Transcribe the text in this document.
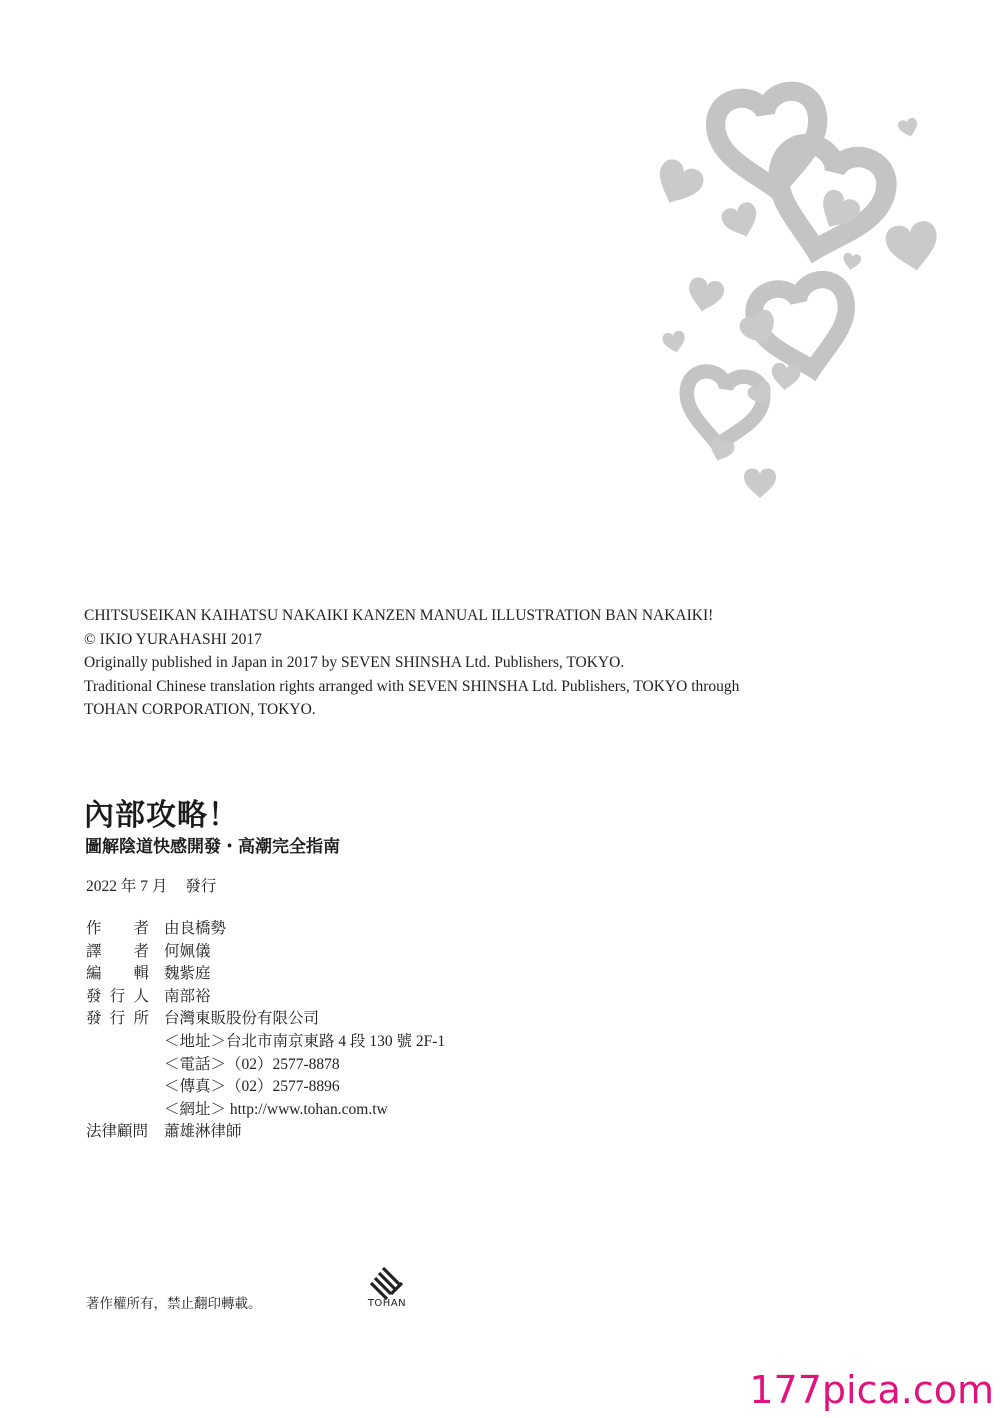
CHITSUSEIKAN KAIHATSU NAKAIKI KANZEN MANUAL ILLUSTRATION BAN NAKAIKI!
© IKIO YURAHASHI 2017
Originally published in Japan in 2017 by SEVEN SHINSHA Ltd. Publishers, TOKYO.
Traditional Chinese translation rights arranged with SEVEN SHINSHA Ltd. Publishers, TOKYO through
TOHAN CORPORATION, TOKYO.
內部攻略！
圖解陰道快感開發・高潮完全指南
2022 年 7 月 發行
作 者 由良橋勢
譯 者 何姵儀
編 輯 魏紫庭
發 行 人 南部裕
發 行 所 台灣東販股份有限公司
＜地址＞台北市南京東路 4 段 130 號 2F-1
＜電話＞（02）2577-8878
＜傳真＞（02）2577-8896
＜網址＞ http://www.tohan.com.tw
法律顧問	蕭雄淋律師
著作權所有，禁止翻印轉載。	TOHAN
177pica.com
